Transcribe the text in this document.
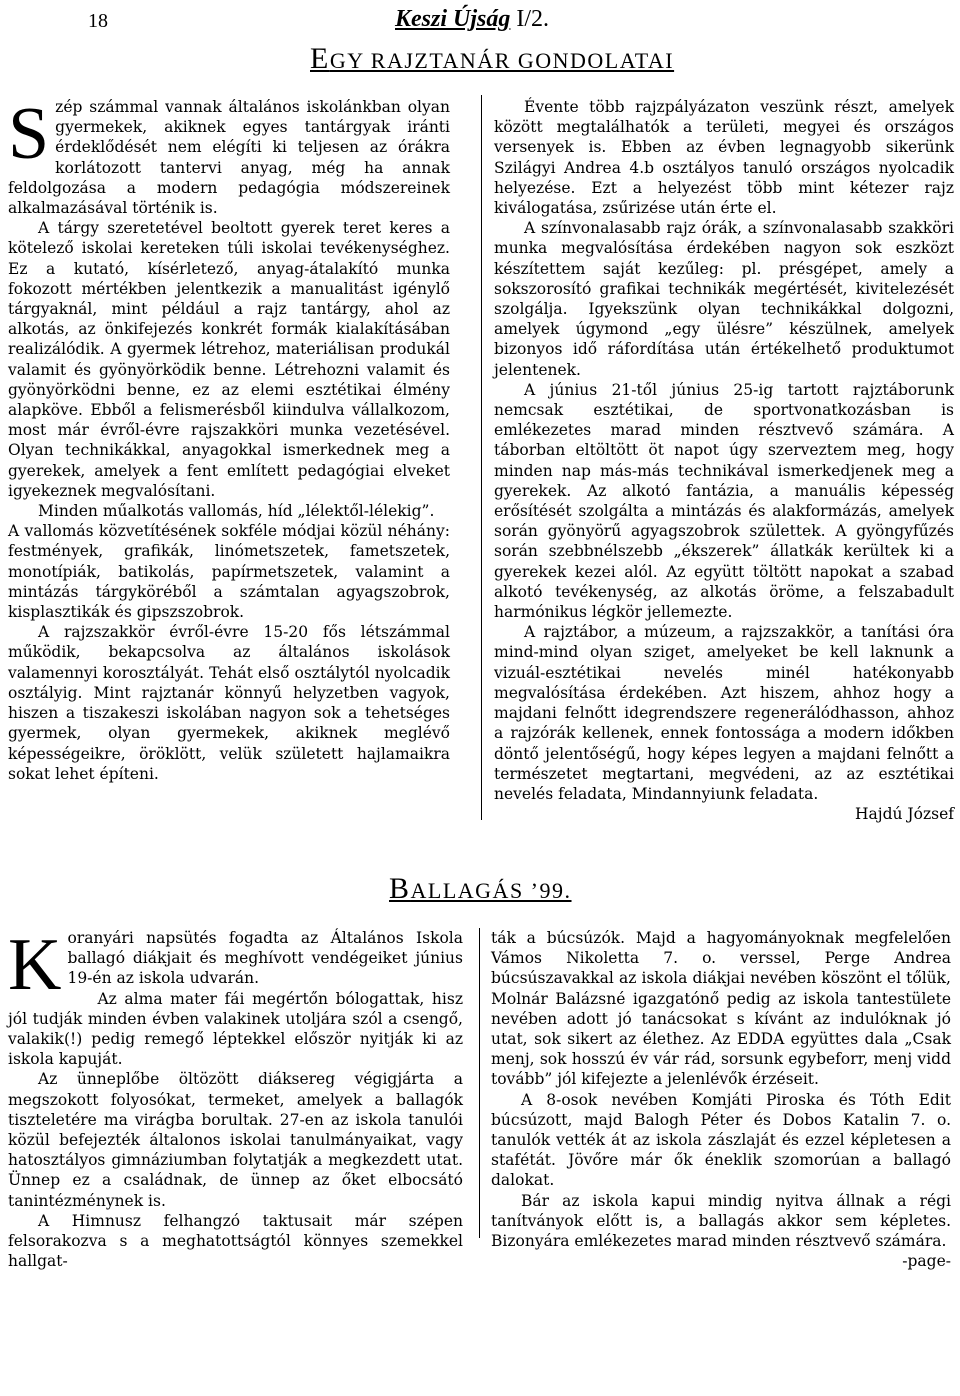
18	Keszi Újság I/2.
EGY RAJZTANÁR GONDOLATAI
S zép számmal vannak általános iskolánkban olyan gyermekek, akiknek egyes tantárgyak iránti érdeklődését nem elégíti ki teljesen az órákra korlátozott tantervi anyag, még ha annak feldolgozása a modern pedagógia módszereinek alkalmazásával történik is.

A tárgy szeretetével beoltott gyerek teret keres a kötelező iskolai kereteken túli iskolai tevékenységhez. Ez a kutató, kísérletező, anyag-átalakító munka fokozott mértékben jelentkezik a manualitást igénylő tárgyaknál, mint például a rajz tantárgy, ahol az alkotás, az önkifejezés konkrét formák kialakításában realizálódik. A gyermek létrehoz, materiálisan produkál valamit és gyönyörködik benne. Létrehozni valamit és gyönyörködni benne, ez az elemi esztétikai élmény alapköve. Ebből a felismerésből kiindulva vállalkozom, most már évről-évre rajszakköri munka vezetésével. Olyan technikákkal, anyagokkal ismerkednek meg a gyerekek, amelyek a fent említett pedagógiai elveket igyekeznek megvalósítani.

Minden műalkotás vallomás, híd „lélektől-lélekig”.

A vallomás közvetítésének sokféle módjai közül néhány: festmények, grafikák, linómetszetek, fametszetek, monotípiák, batikolás, papírmetszetek, valamint a mintázás tárgyköréből a számtalan agyagszobrok, kisplasztikák és gipszszobrok.

A rajzszakkör évről-évre 15-20 fős létszámmal működik, bekapcsolva az általános iskolások valamennyi korosztályát. Tehát első osztálytól nyolcadik osztályig. Mint rajztanár könnyű helyzetben vagyok, hiszen a tiszakeszi iskolában nagyon sok a tehetséges gyermek, olyan gyermekek, akiknek meglévő képességeikre, öröklött, velük született hajlamaikra sokat lehet építeni.

Évente több rajzpályázaton veszünk részt, amelyek között megtalálhatók a területi, megyei és országos versenyek is. Ebben az évben legnagyobb sikerünk Szilágyi Andrea 4.b osztályos tanuló országos nyolcadik helyezése. Ezt a helyezést több mint kétezer rajz kiválogatása, zsűrizése után érte el.

A színvonalasabb rajz órák, a színvonalasabb szakköri munka megvalósítása érdekében nagyon sok eszközt készítettem saját kezűleg: pl. présgépet, amely a sokszorosító grafikai technikák megértését, kivitelezését szolgálja. Igyekszünk olyan technikákkal dolgozni, amelyek úgymond „egy ülésre” készülnek, amelyek bizonyos idő ráfordítása után értékelhető produktumot jelentenek.

A június 21-től június 25-ig tartott rajztáborunk nemcsak esztétikai, de sportvonatkozásban is emlékezetes marad minden résztvevő számára. A táborban eltöltött öt napot úgy szerveztem meg, hogy minden nap más-más technikával ismerkedjenek meg a gyerekek. Az alkotó fantázia, a manuális képesség erősítését szolgálta a mintázás és alakformázás, amelyek során gyönyörű agyagszobrok születtek. A gyöngyfűzés során szebbnélszebb „ékszerek” állatkák kerültek ki a gyerekek kezei alól. Az együtt töltött napokat a szabad alkotó tevékenység, az alkotás öröme, a felszabadult harmónikus légkör jellemezte.

A rajztábor, a múzeum, a rajzszakkör, a tanítási óra mind-mind olyan sziget, amelyeket be kell laknunk a vizuál-esztétikai nevelés minél hatékonyabb megvalósítása érdekében. Azt hiszem, ahhoz hogy a majdani felnőtt idegrendszere regenerálódhasson, ahhoz a rajzórák kellenek, ennek fontossága a modern időkben döntő jelentőségű, hogy képes legyen a majdani felnőtt a természetet megtartani, megvédeni, az az esztétikai nevelés feladata, Mindannyiunk feladata.

Hajdú József

BALLAGÁS ’99.
K oranyári napsütés fogadta az Általános Iskola ballagó diákjait és meghívott vendégeiket június 19-én az iskola udvarán.

Az alma mater fái megértőn bólogattak, hisz jól tudják minden évben valakinek utoljára szól a csengő, valakik(!) pedig remegő léptekkel először nyitják ki az iskola kapuját.

Az ünneplőbe öltözött diáksereg végigjárta a megszokott folyosókat, termeket, amelyek a ballagók tiszteletére ma virágba borultak. 27-en az iskola tanulói közül befejezték általonos iskolai tanulmányaikat, vagy hatosztályos gimnáziumban folytatják a megkezdett utat. Ünnep ez a családnak, de ünnep az őket elbocsátó tanintézménynek is.

A Himnusz felhangzó taktusait már szépen felsorakozva s a meghatottságtól könnyes szemekkel hallgat-

ták a búcsúzók. Majd a hagyományoknak megfelelően Vámos Nikoletta 7. o. verssel, Perge Andrea búcsúszavakkal az iskola diákjai nevében köszönt el tőlük, Molnár Balázsné igazgatónő pedig az iskola tantestülete nevében adott jó tanácsokat s kívánt az indulóknak jó utat, sok sikert az élethez. Az EDDA együttes dala „Csak menj, sok hosszú év vár rád, sorsunk egybeforr, menj vidd tovább” jól kifejezte a jelenlévők érzéseit.

A 8-osok nevében Komjáti Piroska és Tóth Edit búcsúzott, majd Balogh Péter és Dobos Katalin 7. o. tanulók vették át az iskola zászlaját és ezzel képletesen a stafétát. Jövőre már ők éneklik szomorúan a ballagó dalokat.

Bár az iskola kapui mindig nyitva állnak a régi tanítványok előtt is, a ballagás akkor sem képletes. Bizonyára emlékezetes marad minden résztvevő számára.

-page-
